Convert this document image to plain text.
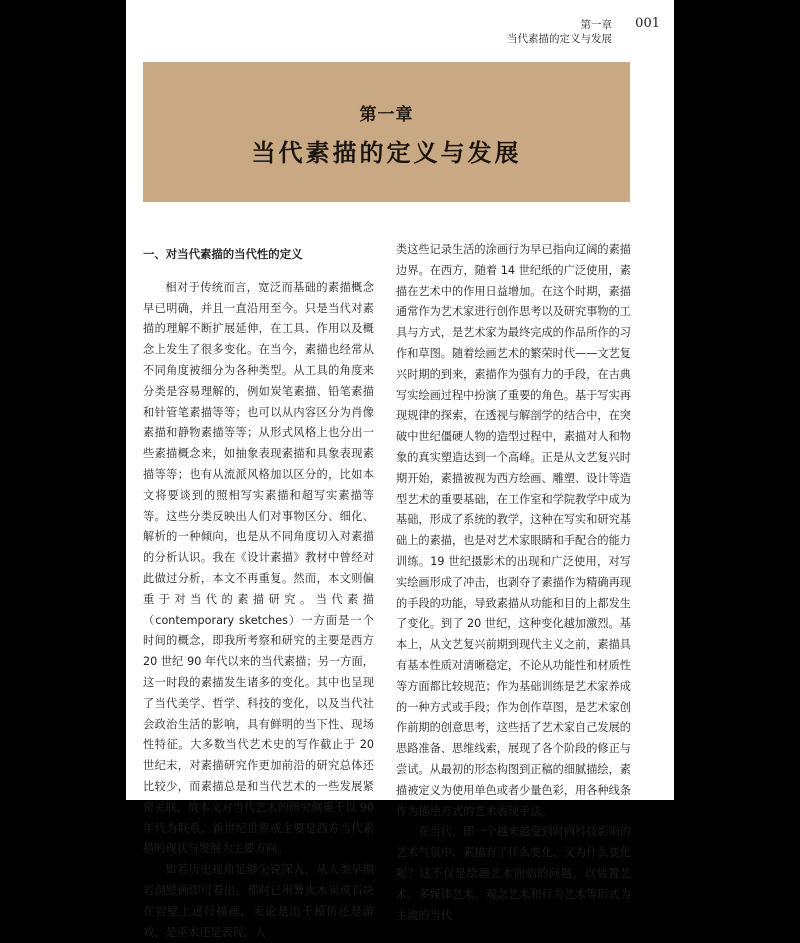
第一章
当代素描的定义与发展
001
第一章
当代素描的定义与发展
一、对当代素描的当代性的定义

相对于传统而言，宽泛而基础的素描概念早已明确，并且一直沿用至今。只是当代对素描的理解不断扩展延伸，在工具、作用以及概念上发生了很多变化。在当今，素描也经常从不同角度被细分为各种类型。从工具的角度来分类是容易理解的，例如炭笔素描、铅笔素描和针管笔素描等等；也可以从内容区分为肖像素描和静物素描等等；从形式风格上也分出一些素描概念来，如抽象表现素描和具象表现素描等等；也有从流派风格加以区分的，比如本文将要谈到的照相写实素描和超写实素描等等。这些分类反映出人们对事物区分、细化、解析的一种倾向，也是从不同角度切入对素描的分析认识。我在《设计素描》教材中曾经对此做过分析，本文不再重复。然而，本文则偏重于对当代的素描研究。当代素描（contemporary sketches）一方面是一个时间的概念，即我所考察和研究的主要是西方 20 世纪 90 年代以来的当代素描；另一方面，这一时段的素描发生诸多的变化。其中也呈现了当代美学、哲学、科技的变化，以及当代社会政治生活的影响，具有鲜明的当下性、现场性特征。大多数当代艺术史的写作截止于 20 世纪末，对素描研究作更加前沿的研究总体还比较少，而素描总是和当代艺术的一些发展紧密关联，故本文对当代艺术的研究侧重于以 90 年代为联系，新世纪世界或主要是西方当代素描的现状与发展为主要方向。

如若历史视角足够尖锐深入，从人类早期岩洞壁画即可看出，那时已用篝火木炭或石块在岩壁上进行描画，无论是出于模仿还是游戏，是巫术还是表现，人

类这些记录生活的涂画行为早已指向辽阔的素描边界。在西方，随着 14 世纪纸的广泛使用，素描在艺术中的作用日益增加。在这个时期，素描通常作为艺术家进行创作思考以及研究事物的工具与方式，是艺术家为最终完成的作品所作的习作和草图。随着绘画艺术的繁荣时代——文艺复兴时期的到来，素描作为强有力的手段，在古典写实绘画过程中扮演了重要的角色。基于写实再现规律的探索，在透视与解剖学的结合中，在突破中世纪僵硬人物的造型过程中，素描对人和物象的真实塑造达到一个高峰。正是从文艺复兴时期开始，素描被视为西方绘画、雕塑、设计等造型艺术的重要基础，在工作室和学院教学中成为基础，形成了系统的教学，这种在写实和研究基础上的素描，也是对艺术家眼睛和手配合的能力训练。19 世纪摄影术的出现和广泛使用，对写实绘画形成了冲击，也剥夺了素描作为精确再现的手段的功能，导致素描从功能和目的上都发生了变化。到了 20 世纪，这种变化越加激烈。基本上，从文艺复兴前期到现代主义之前，素描具有基本性质对清晰稳定，不论从功能性和材质性等方面都比较规范；作为基础训练是艺术家养成的一种方式或手段；作为创作草图，是艺术家创作前期的创意思考，这些括了艺术家自己发展的思路准备、思维线索，展现了各个阶段的修正与尝试。从最初的形态构图到正稿的细腻描绘，素描被定义为使用单色或者少量色彩，用各种线条作为描绘方式的艺术表现手法。

在当代，即一个越来越受到时尚科技影响的艺术气氛中，素描有了什么变化，又为什么变化呢？这不仅是绘画艺术面临的问题，以装置艺术、多媒体艺术、观念艺术和行为艺术等形式为主流的当代
